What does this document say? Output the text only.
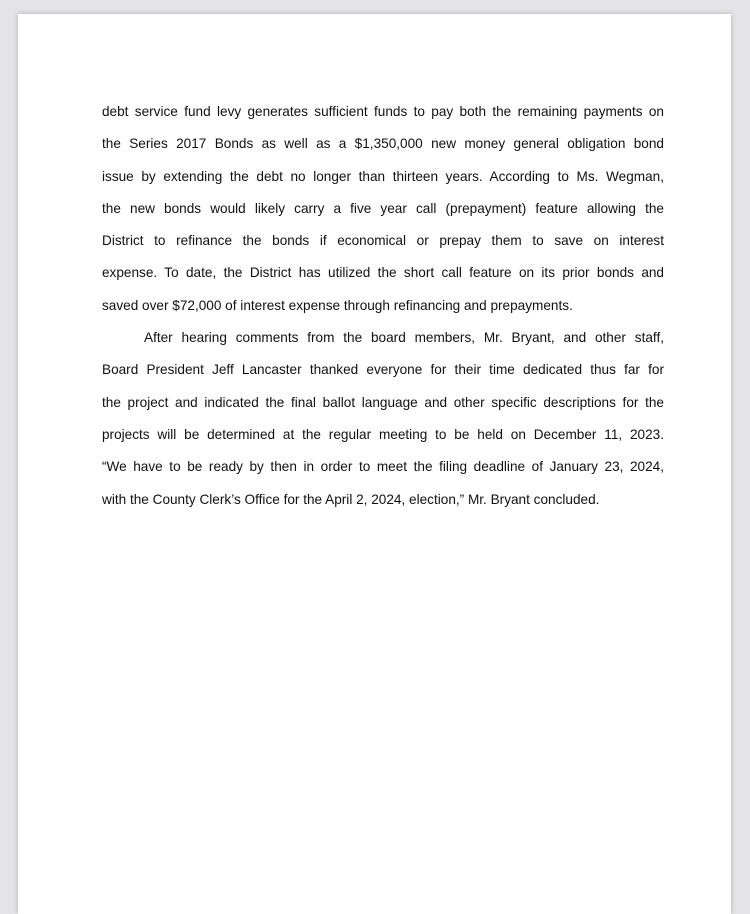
debt service fund levy generates sufficient funds to pay both the remaining payments on
the Series 2017 Bonds as well as a $1,350,000 new money general obligation bond
issue by extending the debt no longer than thirteen years. According to Ms. Wegman,
the new bonds would likely carry a five year call (prepayment) feature allowing the
District to refinance the bonds if economical or prepay them to save on interest
expense. To date, the District has utilized the short call feature on its prior bonds and
saved over $72,000 of interest expense through refinancing and prepayments.
After hearing comments from the board members, Mr. Bryant, and other staff,
Board President Jeff Lancaster thanked everyone for their time dedicated thus far for
the project and indicated the final ballot language and other specific descriptions for the
projects will be determined at the regular meeting to be held on December 11, 2023.
“We have to be ready by then in order to meet the filing deadline of January 23, 2024,
with the County Clerk’s Office for the April 2, 2024, election,” Mr. Bryant concluded.
